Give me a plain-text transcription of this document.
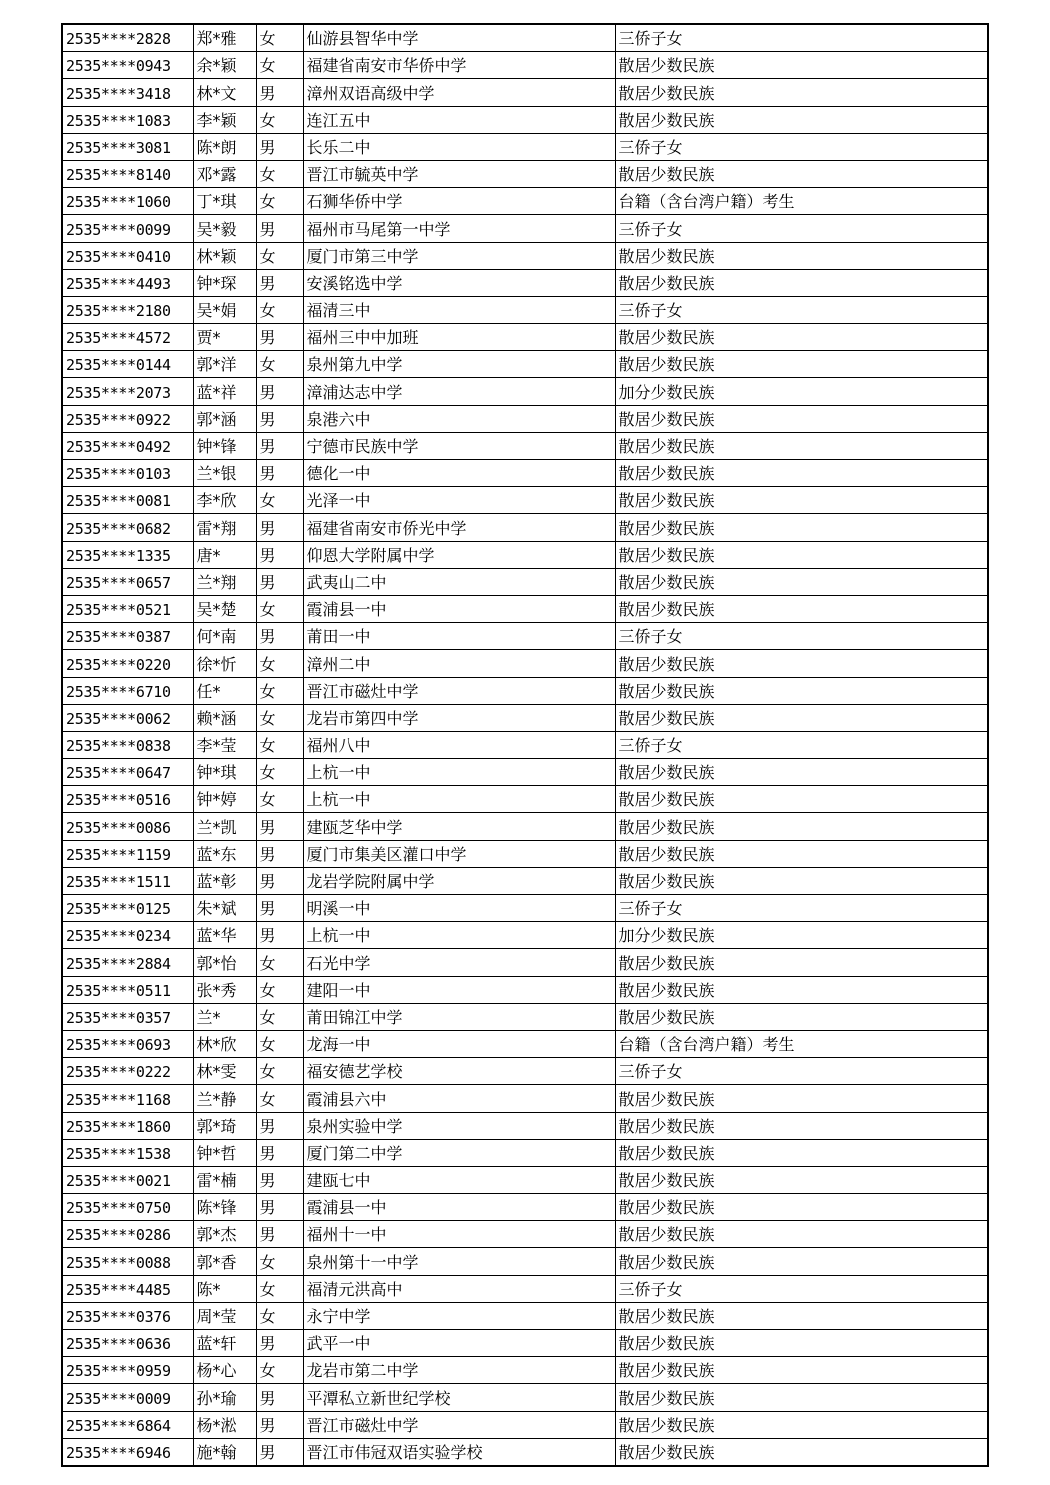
2535****2828	郑*雅	女	仙游县智华中学	三侨子女
2535****0943	余*颖	女	福建省南安市华侨中学	散居少数民族
2535****3418	林*文	男	漳州双语高级中学	散居少数民族
2535****1083	李*颖	女	连江五中	散居少数民族
2535****3081	陈*朗	男	长乐二中	三侨子女
2535****8140	邓*露	女	晋江市毓英中学	散居少数民族
2535****1060	丁*琪	女	石狮华侨中学	台籍（含台湾户籍）考生
2535****0099	吴*毅	男	福州市马尾第一中学	三侨子女
2535****0410	林*颖	女	厦门市第三中学	散居少数民族
2535****4493	钟*琛	男	安溪铭选中学	散居少数民族
2535****2180	吴*娟	女	福清三中	三侨子女
2535****4572	贾*	男	福州三中中加班	散居少数民族
2535****0144	郭*洋	女	泉州第九中学	散居少数民族
2535****2073	蓝*祥	男	漳浦达志中学	加分少数民族
2535****0922	郭*涵	男	泉港六中	散居少数民族
2535****0492	钟*锋	男	宁德市民族中学	散居少数民族
2535****0103	兰*银	男	德化一中	散居少数民族
2535****0081	李*欣	女	光泽一中	散居少数民族
2535****0682	雷*翔	男	福建省南安市侨光中学	散居少数民族
2535****1335	唐*	男	仰恩大学附属中学	散居少数民族
2535****0657	兰*翔	男	武夷山二中	散居少数民族
2535****0521	吴*楚	女	霞浦县一中	散居少数民族
2535****0387	何*南	男	莆田一中	三侨子女
2535****0220	徐*忻	女	漳州二中	散居少数民族
2535****6710	任*	女	晋江市磁灶中学	散居少数民族
2535****0062	赖*涵	女	龙岩市第四中学	散居少数民族
2535****0838	李*莹	女	福州八中	三侨子女
2535****0647	钟*琪	女	上杭一中	散居少数民族
2535****0516	钟*婷	女	上杭一中	散居少数民族
2535****0086	兰*凯	男	建瓯芝华中学	散居少数民族
2535****1159	蓝*东	男	厦门市集美区灌口中学	散居少数民族
2535****1511	蓝*彰	男	龙岩学院附属中学	散居少数民族
2535****0125	朱*斌	男	明溪一中	三侨子女
2535****0234	蓝*华	男	上杭一中	加分少数民族
2535****2884	郭*怡	女	石光中学	散居少数民族
2535****0511	张*秀	女	建阳一中	散居少数民族
2535****0357	兰*	女	莆田锦江中学	散居少数民族
2535****0693	林*欣	女	龙海一中	台籍（含台湾户籍）考生
2535****0222	林*雯	女	福安德艺学校	三侨子女
2535****1168	兰*静	女	霞浦县六中	散居少数民族
2535****1860	郭*琦	男	泉州实验中学	散居少数民族
2535****1538	钟*哲	男	厦门第二中学	散居少数民族
2535****0021	雷*楠	男	建瓯七中	散居少数民族
2535****0750	陈*锋	男	霞浦县一中	散居少数民族
2535****0286	郭*杰	男	福州十一中	散居少数民族
2535****0088	郭*香	女	泉州第十一中学	散居少数民族
2535****4485	陈*	女	福清元洪高中	三侨子女
2535****0376	周*莹	女	永宁中学	散居少数民族
2535****0636	蓝*轩	男	武平一中	散居少数民族
2535****0959	杨*心	女	龙岩市第二中学	散居少数民族
2535****0009	孙*瑜	男	平潭私立新世纪学校	散居少数民族
2535****6864	杨*淞	男	晋江市磁灶中学	散居少数民族
2535****6946	施*翰	男	晋江市伟冠双语实验学校	散居少数民族
